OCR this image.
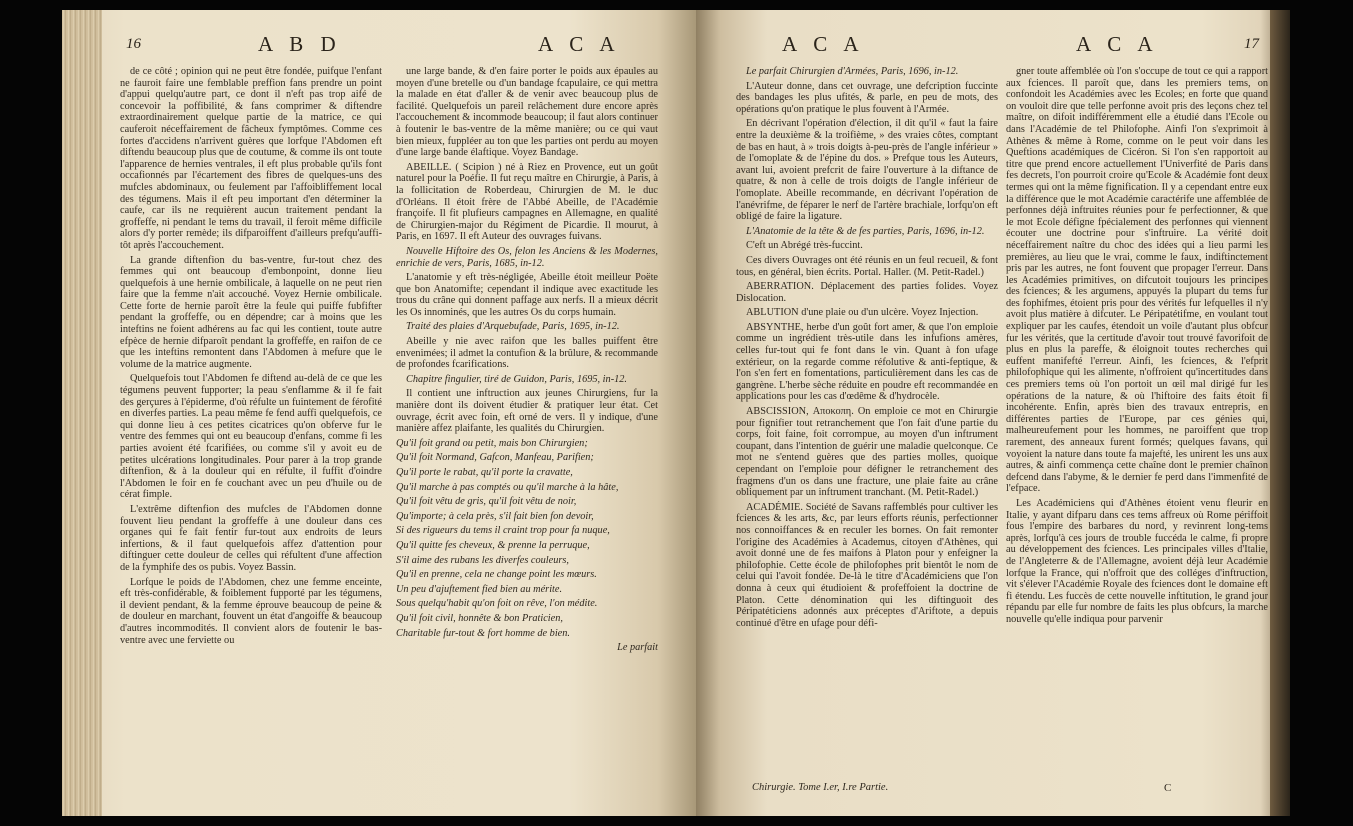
16	A B D	A C A

de ce côté ; opinion qui ne peut être fondée, puifque l'enfant ne fauroit faire une femblable preffion fans prendre un point d'appui quelqu'autre part, ce dont il n'eft pas trop aifé de concevoir la poffibilité, & fans comprimer & diftendre extraordinairement quelque partie de la matrice, ce qui cauferoit néceffairement de fâcheux fymptômes. Comme ces fortes d'accidens n'arrivent guères que lorfque l'Abdomen eft diftendu beaucoup plus que de coutume, & comme ils ont toute l'apparence de hernies ventrales, il eft plus probable qu'ils font occafionnés par l'écartement des fibres de quelques-uns des mufcles abdominaux, ou feulement par l'affoibliffement local des tégumens. Mais il eft peu important d'en déterminer la caufe, car ils ne requièrent aucun traitement pendant la groffeffe, ni pendant le tems du travail, il feroit même difficile alors d'y porter remède; ils difparoiffent d'ailleurs prefqu'auffi-tôt après l'accouchement.

La grande diftenfion du bas-ventre, fur-tout chez des femmes qui ont beaucoup d'embonpoint, donne lieu quelquefois à une hernie ombilicale, à laquelle on ne peut rien faire que la femme n'ait accouché. Voyez Hernie ombilicale. Cette forte de hernie paroît être la feule qui puiffe fubfifter pendant la groffeffe, ou en dépendre; car à moins que les inteftins ne foient adhérens au fac qui les contient, toute autre efpèce de hernie difparoît pendant la groffeffe, en raifon de ce que les inteftins remontent dans l'Abdomen à mefure que le volume de la matrice augmente.

Quelquefois tout l'Abdomen fe diftend au-delà de ce que les tégumens peuvent fupporter; la peau s'enflamme & il fe fait des gerçures à l'épiderme, d'où réfulte un fuintement de férofité en diverfes parties. La peau même fe fend auffi quelquefois, ce qui donne lieu à ces petites cicatrices qu'on obferve fur le ventre des femmes qui ont eu beaucoup d'enfans, comme fi les parties avoient été fcarifiées, ou comme s'il y avoit eu de petites ulcérations longitudinales. Pour parer à la trop grande diftenfion, & à la douleur qui en réfulte, il fuffit d'oindre l'Abdomen le foir en fe couchant avec un peu d'huile ou de cérat fimple.

L'extrême diftenfion des mufcles de l'Abdomen donne fouvent lieu pendant la groffeffe à une douleur dans ces organes qui fe fait fentir fur-tout aux endroits de leurs infertions, & il faut quelquefois affez d'attention pour diftinguer cette douleur de celles qui réfultent d'une affection de la fymphife des os pubis. Voyez Bassin.

Lorfque le poids de l'Abdomen, chez une femme enceinte, eft très-confidérable, & foiblement fupporté par les tégumens, il devient pendant, & la femme éprouve beaucoup de peine & de douleur en marchant, fouvent un état d'angoiffe & beaucoup d'autres incommodités. Il convient alors de foutenir le bas-ventre avec une ferviette ou

une large bande, & d'en faire porter le poids aux épaules au moyen d'une bretelle ou d'un bandage fcapulaire, ce qui mettra la malade en état d'aller & de venir avec beaucoup plus de facilité. Quelquefois un pareil relâchement dure encore après l'accouchement & incommode beaucoup; il faut alors continuer à foutenir le bas-ventre de la même manière; ou ce qui vaut bien mieux, fuppléer au ton que les parties ont perdu au moyen d'une large bande élaftique. Voyez Bandage.

ABEILLE. ( Scipion ) né à Riez en Provence, eut un goût naturel pour la Poéfie. Il fut reçu maître en Chirurgie, à Paris, à la follicitation de Roberdeau, Chirurgien de M. le duc d'Orléans. Il étoit frère de l'Abbé Abeille, de l'Académie françoife. Il fit plufieurs campagnes en Allemagne, en qualité de Chirurgien-major du Régiment de Picardie. Il mourut, à Paris, en 1697. Il eft Auteur des ouvrages fuivans.

Nouvelle Hiftoire des Os, felon les Anciens & les Modernes, enrichie de vers, Paris, 1685, in-12.

L'anatomie y eft très-négligée, Abeille étoit meilleur Poëte que bon Anatomifte; cependant il indique avec exactitude les trous du crâne qui donnent paffage aux nerfs. Il a mieux décrit les Os innominés, que les autres Os du corps humain.

Traité des plaies d'Arquebufade, Paris, 1695, in-12.

Abeille y nie avec raifon que les balles puiffent être envenimées; il admet la contufion & la brûlure, & recommande de profondes fcarifications.

Chapitre fingulier, tiré de Guidon, Paris, 1695, in-12.

Il contient une inftruction aux jeunes Chirurgiens, fur la manière dont ils doivent étudier & pratiquer leur état. Cet ouvrage, écrit avec foin, eft orné de vers. Il y indique, d'une manière affez plaifante, les qualités du Chirurgien.

Qu'il foit grand ou petit, mais bon Chirurgien;

Qu'il foit Normand, Gafcon, Manfeau, Parifien;

Qu'il porte le rabat, qu'il porte la cravatte,

Qu'il marche à pas comptés ou qu'il marche à la hâte,

Qu'il foit vêtu de gris, qu'il foit vêtu de noir,

Qu'importe; à cela près, s'il fait bien fon devoir,

Si des rigueurs du tems il craint trop pour fa nuque,

Qu'il quitte fes cheveux, & prenne la perruque,

S'il aime des rubans les diverfes couleurs,

Qu'il en prenne, cela ne change point les mœurs.

Un peu d'ajuftement fied bien au mérite.

Sous quelqu'habit qu'on foit on rêve, l'on médite.

Qu'il foit civil, honnête & bon Praticien,

Charitable fur-tout & fort homme de bien.

Le parfait

A C A	A C A	17

Le parfait Chirurgien d'Armées, Paris, 1696, in-12.

L'Auteur donne, dans cet ouvrage, une defcription fuccinte des bandages les plus ufités, & parle, en peu de mots, des opérations qu'on pratique le plus fouvent à l'Armée.

En décrivant l'opération d'élection, il dit qu'il « faut la faire entre la deuxième & la troifième, » des vraies côtes, comptant de bas en haut, à » trois doigts à-peu-près de l'angle inférieur » de l'omoplate & de l'épine du dos. » Prefque tous les Auteurs, avant lui, avoient prefcrit de faire l'ouverture à la diftance de quatre, & non à celle de trois doigts de l'angle inférieur de l'omoplate. Abeille recommande, en décrivant l'opération de l'anévrifme, de féparer le nerf de l'artère brachiale, lorfqu'on eft obligé de faire la ligature.

L'Anatomie de la tête & de fes parties, Paris, 1696, in-12.

C'eft un Abrégé très-fuccint.

Ces divers Ouvrages ont été réunis en un feul recueil, & font tous, en général, bien écrits. Portal. Haller. (M. Petit-Radel.)

ABERRATION. Déplacement des parties folides. Voyez Dislocation.

ABLUTION d'une plaie ou d'un ulcère. Voyez Injection.

ABSYNTHE, herbe d'un goût fort amer, & que l'on emploie comme un ingrédient très-utile dans les infufions amères, celles fur-tout qui fe font dans le vin. Quant à fon ufage extérieur, on la regarde comme réfolutive & anti-feptique, & l'on s'en fert en fomentations, particulièrement dans les cas de gangrène. L'herbe sèche réduite en poudre eft recommandée en applications pour les cas d'œdême & d'hydrocèle.

ABSCISSION, Αποκοπη. On emploie ce mot en Chirurgie pour fignifier tout retranchement que l'on fait d'une partie du corps, foit faine, foit corrompue, au moyen d'un inftrument coupant, dans l'intention de guérir une maladie quelconque. Ce mot ne s'entend guères que des parties molles, quoique cependant on l'emploie pour défigner le retranchement des fragmens d'un os dans une fracture, une plaie faite au crâne obliquement par un inftrument tranchant. (M. Petit-Radel.)

ACADÉMIE. Société de Savans raffemblés pour cultiver les fciences & les arts, &c, par leurs efforts réunis, perfectionner nos connoiffances & en reculer les bornes. On fait remonter l'origine des Académies à Academus, citoyen d'Athènes, qui avoit donné une de fes maifons à Platon pour y enfeigner la philofophie. Cette école de philofophes prit bientôt le nom de celui qui l'avoit fondée. De-là le titre d'Académiciens que l'on donna à ceux qui étudioient & profeffoient la doctrine de Platon. Cette dénomination qui les diftinguoit des Péripatéticiens adonnés aux préceptes d'Ariftote, a depuis continué d'être en ufage pour défi-

gner toute affemblée où l'on s'occupe de tout ce qui a rapport aux fciences. Il paroît que, dans les premiers tems, on confondoit les Académies avec les Ecoles; en forte que quand on vouloit dire que telle perfonne avoit pris des leçons chez tel maître, on difoit indifféremment elle a étudié dans l'Ecole ou dans l'Académie de tel Philofophe. Ainfi l'on s'exprimoit à Athènes & même à Rome, comme on le peut voir dans les Queftions académiques de Cicéron. Si l'on s'en rapportoit au titre que prend encore actuellement l'Univerfité de Paris dans fes decrets, l'on pourroit croire qu'Ecole & Académie font deux termes qui ont la même fignification. Il y a cependant entre eux la différence que le mot Académie caractérife une affemblée de perfonnes déjà inftruites réunies pour fe perfectionner, & que le mot Ecole défigne fpécialement des perfonnes qui viennent écouter une doctrine pour s'inftruire. La vérité doit néceffairement naître du choc des idées qui a lieu parmi les premières, au lieu que le vrai, comme le faux, indiftinctement pris par les autres, ne font fouvent que propager l'erreur. Dans les Académies primitives, on difcutoit toujours les principes des fciences; & les argumens, appuyés la plupart du tems fur des fophifmes, étoient pris pour des vérités fur lefquelles il n'y avoit plus matière à difcuter. Le Péripatétifme, en voulant tout expliquer par les caufes, étendoit un voile d'autant plus obfcur fur les vérités, que la certitude d'avoir tout trouvé favorifoit de plus en plus la pareffe, & éloignoit toutes recherches qui euffent manifefté l'erreur. Ainfi, les fciences, & l'efprit philofophique qui les alimente, n'offroient qu'incertitudes dans ces premiers tems où l'on portoit un œil mal dirigé fur les opérations de la nature, & où l'hiftoire des faits étoit fi incohérente. Enfin, après bien des travaux entrepris, en différentes parties de l'Europe, par ces génies qui, malheureufement pour les hommes, ne paroiffent que trop rarement, des anneaux furent formés; quelques favans, qui voyoient la nature dans toute fa majefté, les unirent les uns aux autres, & ainfi commença cette chaîne dont le premier chaînon defcend dans l'abyme, & le dernier fe perd dans l'immenfité de l'efpace.

Les Académiciens qui d'Athènes étoient venu fleurir en Italie, y ayant difparu dans ces tems affreux où Rome périffoit fous l'empire des barbares du nord, y revinrent long-tems après, lorfqu'à ces jours de trouble fuccéda le calme, fi propre au développement des fciences. Les principales villes d'Italie, de l'Angleterre & de l'Allemagne, avoient déjà leur Académie lorfque la France, qui n'offroit que des colléges d'inftruction, vit s'élever l'Académie Royale des fciences dont le domaine eft fi étendu. Les fuccès de cette nouvelle inftitution, le grand jour répandu par elle fur nombre de faits les plus obfcurs, la marche nouvelle qu'elle indiqua pour parvenir

Chirurgie. Tome I.er, I.re Partie.	C
